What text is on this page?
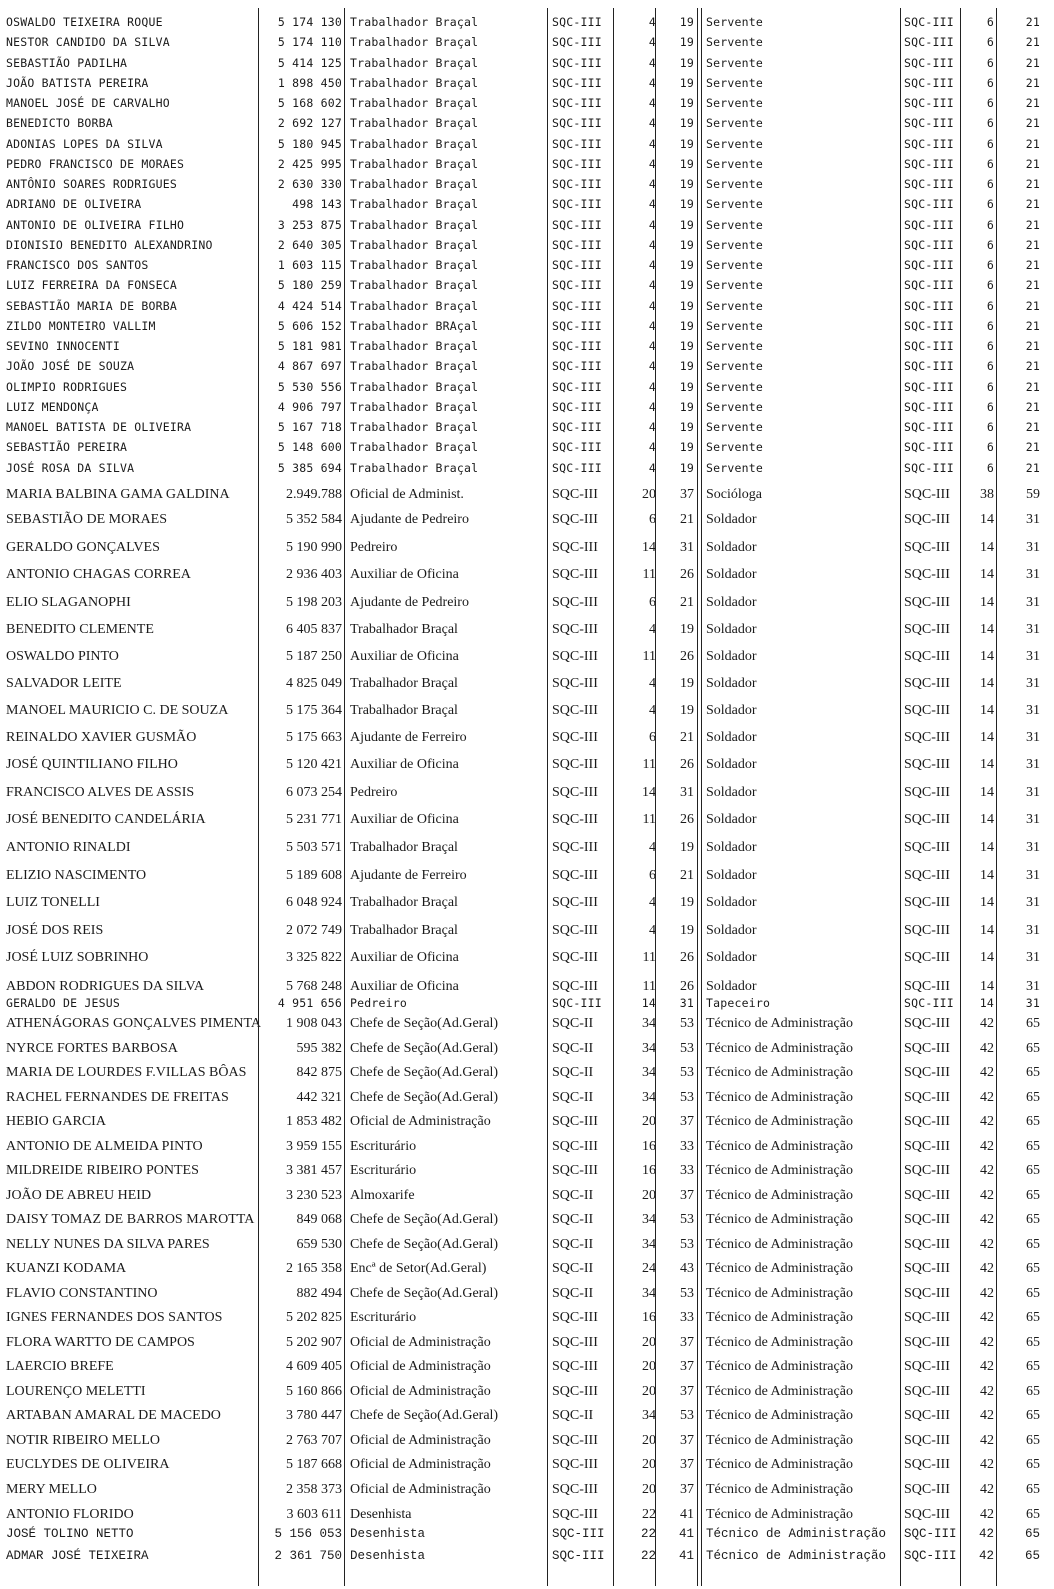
OSWALDO TEIXEIRA ROQUE	5 174 130 Trabalhador Braçal	SQC-III	4	19 Servente	SQC-III	6	21
NESTOR CANDIDO DA SILVA	5 174 110 Trabalhador Braçal	SQC-III	4	19 Servente	SQC-III	6	21
SEBASTIÃO PADILHA	5 414 125 Trabalhador Braçal	SQC-III	4	19 Servente	SQC-III	6	21
JOÃO BATISTA PEREIRA	1 898 450 Trabalhador Braçal	SQC-III	4	19 Servente	SQC-III	6	21
MANOEL JOSÉ DE CARVALHO	5 168 602 Trabalhador Braçal	SQC-III	4	19 Servente	SQC-III	6	21
BENEDICTO BORBA	2 692 127 Trabalhador Braçal	SQC-III	4	19 Servente	SQC-III	6	21
ADONIAS LOPES DA SILVA	5 180 945 Trabalhador Braçal	SQC-III	4	19 Servente	SQC-III	6	21
PEDRO FRANCISCO DE MORAES	2 425 995 Trabalhador Braçal	SQC-III	4	19 Servente	SQC-III	6	21
ANTÔNIO SOARES RODRIGUES	2 630 330 Trabalhador Braçal	SQC-III	4	19 Servente	SQC-III	6	21
ADRIANO DE OLIVEIRA	498 143 Trabalhador Braçal	SQC-III	4	19 Servente	SQC-III	6	21
ANTONIO DE OLIVEIRA FILHO	3 253 875 Trabalhador Braçal	SQC-III	4	19 Servente	SQC-III	6	21
DIONISIO BENEDITO ALEXANDRINO	2 640 305 Trabalhador Braçal	SQC-III	4	19 Servente	SQC-III	6	21
FRANCISCO DOS SANTOS	1 603 115 Trabalhador Braçal	SQC-III	4	19 Servente	SQC-III	6	21
LUIZ FERREIRA DA FONSECA	5 180 259 Trabalhador Braçal	SQC-III	4	19 Servente	SQC-III	6	21
SEBASTIÃO MARIA DE BORBA	4 424 514 Trabalhador Braçal	SQC-III	4	19 Servente	SQC-III	6	21
ZILDO MONTEIRO VALLIM	5 606 152 Trabalhador BRAçal	SQC-III	4	19 Servente	SQC-III	6	21
SEVINO INNOCENTI	5 181 981 Trabalhador Braçal	SQC-III	4	19 Servente	SQC-III	6	21
JOÃO JOSÉ DE SOUZA	4 867 697 Trabalhador Braçal	SQC-III	4	19 Servente	SQC-III	6	21
OLIMPIO RODRIGUES	5 530 556 Trabalhador Braçal	SQC-III	4	19 Servente	SQC-III	6	21
LUIZ MENDONÇA	4 906 797 Trabalhador Braçal	SQC-III	4	19 Servente	SQC-III	6	21
MANOEL BATISTA DE OLIVEIRA	5 167 718 Trabalhador Braçal	SQC-III	4	19 Servente	SQC-III	6	21
SEBASTIÃO PEREIRA	5 148 600 Trabalhador Braçal	SQC-III	4	19 Servente	SQC-III	6	21
JOSÉ ROSA DA SILVA	5 385 694 Trabalhador Braçal	SQC-III	4	19 Servente	SQC-III	6	21
MARIA BALBINA GAMA GALDINA	2.949.788 Oficial de Administ.	SQC-III	20	37 Socióloga	SQC-III	38	59
SEBASTIÃO DE MORAES	5 352 584 Ajudante de Pedreiro	SQC-III	6	21 Soldador	SQC-III	14	31
GERALDO GONÇALVES	5 190 990 Pedreiro	SQC-III	14	31 Soldador	SQC-III	14	31
ANTONIO CHAGAS CORREA	2 936 403 Auxiliar de Oficina	SQC-III	11	26 Soldador	SQC-III	14	31
ELIO SLAGANOPHI	5 198 203 Ajudante de Pedreiro	SQC-III	6	21 Soldador	SQC-III	14	31
BENEDITO CLEMENTE	6 405 837 Trabalhador Braçal	SQC-III	4	19 Soldador	SQC-III	14	31
OSWALDO PINTO	5 187 250 Auxiliar de Oficina	SQC-III	11	26 Soldador	SQC-III	14	31
SALVADOR LEITE	4 825 049 Trabalhador Braçal	SQC-III	4	19 Soldador	SQC-III	14	31
MANOEL MAURICIO C. DE SOUZA	5 175 364 Trabalhador Braçal	SQC-III	4	19 Soldador	SQC-III	14	31
REINALDO XAVIER GUSMÃO	5 175 663 Ajudante de Ferreiro	SQC-III	6	21 Soldador	SQC-III	14	31
JOSÉ QUINTILIANO FILHO	5 120 421 Auxiliar de Oficina	SQC-III	11	26 Soldador	SQC-III	14	31
FRANCISCO ALVES DE ASSIS	6 073 254 Pedreiro	SQC-III	14	31 Soldador	SQC-III	14	31
JOSÉ BENEDITO CANDELÁRIA	5 231 771 Auxiliar de Oficina	SQC-III	11	26 Soldador	SQC-III	14	31
ANTONIO RINALDI	5 503 571 Trabalhador Braçal	SQC-III	4	19 Soldador	SQC-III	14	31
ELIZIO NASCIMENTO	5 189 608 Ajudante de Ferreiro	SQC-III	6	21 Soldador	SQC-III	14	31
LUIZ TONELLI	6 048 924 Trabalhador Braçal	SQC-III	4	19 Soldador	SQC-III	14	31
JOSÉ DOS REIS	2 072 749 Trabalhador Braçal	SQC-III	4	19 Soldador	SQC-III	14	31
JOSÉ LUIZ SOBRINHO	3 325 822 Auxiliar de Oficina	SQC-III	11	26 Soldador	SQC-III	14	31
ABDON RODRIGUES DA SILVA	5 768 248 Auxiliar de Oficina	SQC-III	11	26 Soldador	SQC-III	14	31
GERALDO DE JESUS	4 951 656 Pedreiro	SQC-III	14	31 Tapeceiro	SQC-III	14	31
ATHENÁGORAS GONÇALVES PIMENTA	1 908 043 Chefe de Seção(Ad.Geral)	SQC-II	34	53 Técnico de Administração	SQC-III	42	65
NYRCE FORTES BARBOSA	595 382 Chefe de Seção(Ad.Geral)	SQC-II	34	53 Técnico de Administração	SQC-III	42	65
MARIA DE LOURDES F.VILLAS BÔAS	842 875 Chefe de Seção(Ad.Geral)	SQC-II	34	53 Técnico de Administração	SQC-III	42	65
RACHEL FERNANDES DE FREITAS	442 321 Chefe de Seção(Ad.Geral)	SQC-II	34	53 Técnico de Administração	SQC-III	42	65
HEBIO GARCIA	1 853 482 Oficial de Administração	SQC-III	20	37 Técnico de Administração	SQC-III	42	65
ANTONIO DE ALMEIDA PINTO	3 959 155 Escriturário	SQC-III	16	33 Técnico de Administração	SQC-III	42	65
MILDREIDE RIBEIRO PONTES	3 381 457 Escriturário	SQC-III	16	33 Técnico de Administração	SQC-III	42	65
JOÃO DE ABREU HEID	3 230 523 Almoxarife	SQC-II	20	37 Técnico de Administração	SQC-III	42	65
DAISY TOMAZ DE BARROS MAROTTA	849 068 Chefe de Seção(Ad.Geral)	SQC-II	34	53 Técnico de Administração	SQC-III	42	65
NELLY NUNES DA SILVA PARES	659 530 Chefe de Seção(Ad.Geral)	SQC-II	34	53 Técnico de Administração	SQC-III	42	65
KUANZI KODAMA	2 165 358 Encª de Setor(Ad.Geral)	SQC-II	24	43 Técnico de Administração	SQC-III	42	65
FLAVIO CONSTANTINO	882 494 Chefe de Seção(Ad.Geral)	SQC-II	34	53 Técnico de Administração	SQC-III	42	65
IGNES FERNANDES DOS SANTOS	5 202 825 Escriturário	SQC-III	16	33 Técnico de Administração	SQC-III	42	65
FLORA WARTTO DE CAMPOS	5 202 907 Oficial de Administração	SQC-III	20	37 Técnico de Administração	SQC-III	42	65
LAERCIO BREFE	4 609 405 Oficial de Administração	SQC-III	20	37 Técnico de Administração	SQC-III	42	65
LOURENÇO MELETTI	5 160 866 Oficial de Administração	SQC-III	20	37 Técnico de Administração	SQC-III	42	65
ARTABAN AMARAL DE MACEDO	3 780 447 Chefe de Seção(Ad.Geral)	SQC-II	34	53 Técnico de Administração	SQC-III	42	65
NOTIR RIBEIRO MELLO	2 763 707 Oficial de Administração	SQC-III	20	37 Técnico de Administração	SQC-III	42	65
EUCLYDES DE OLIVEIRA	5 187 668 Oficial de Administração	SQC-III	20	37 Técnico de Administração	SQC-III	42	65
MERY MELLO	2 358 373 Oficial de Administração	SQC-III	20	37 Técnico de Administração	SQC-III	42	65
ANTONIO FLORIDO	3 603 611 Desenhista	SQC-III	22	41 Técnico de Administração	SQC-III	42	65
JOSÉ TOLINO NETTO	5 156 053 Desenhista	SQC-III	22	41 Técnico de Administração	SQC-III	42	65
ADMAR JOSÉ TEIXEIRA	2 361 750 Desenhista	SQC-III	22	41 Técnico de Administração	SQC-III	42	65
